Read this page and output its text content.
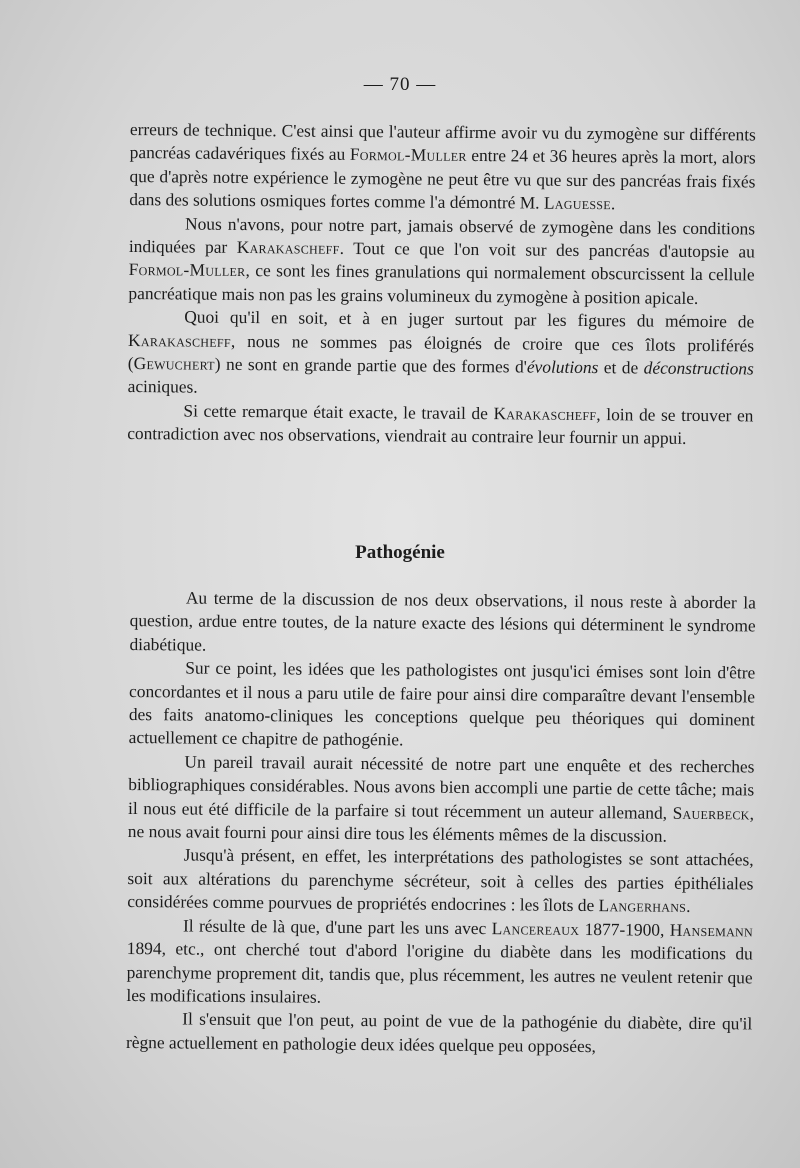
— 70 —

erreurs de technique. C'est ainsi que l'auteur affirme avoir vu du zymogène sur différents pancréas cadavériques fixés au Formol-Muller entre 24 et 36 heures après la mort, alors que d'après notre expérience le zymogène ne peut être vu que sur des pancréas frais fixés dans des solutions osmiques fortes comme l'a démontré M. Laguesse.

Nous n'avons, pour notre part, jamais observé de zymogène dans les conditions indiquées par Karakascheff. Tout ce que l'on voit sur des pancréas d'autopsie au Formol-Muller, ce sont les fines granulations qui normalement obscurcissent la cellule pancréatique mais non pas les grains volumineux du zymogène à position apicale.

Quoi qu'il en soit, et à en juger surtout par les figures du mémoire de Karakascheff, nous ne sommes pas éloignés de croire que ces îlots proliférés (Gewuchert) ne sont en grande partie que des formes d'évolutions et de déconstructions aciniques.

Si cette remarque était exacte, le travail de Karakascheff, loin de se trouver en contradiction avec nos observations, viendrait au contraire leur fournir un appui.

Pathogénie

Au terme de la discussion de nos deux observations, il nous reste à aborder la question, ardue entre toutes, de la nature exacte des lésions qui déterminent le syndrome diabétique.

Sur ce point, les idées que les pathologistes ont jusqu'ici émises sont loin d'être concordantes et il nous a paru utile de faire pour ainsi dire comparaître devant l'ensemble des faits anatomo-cliniques les conceptions quelque peu théoriques qui dominent actuellement ce chapitre de pathogénie.

Un pareil travail aurait nécessité de notre part une enquête et des recherches bibliographiques considérables. Nous avons bien accompli une partie de cette tâche; mais il nous eut été difficile de la parfaire si tout récemment un auteur allemand, Sauerbeck, ne nous avait fourni pour ainsi dire tous les éléments mêmes de la discussion.

Jusqu'à présent, en effet, les interprétations des pathologistes se sont attachées, soit aux altérations du parenchyme sécréteur, soit à celles des parties épithéliales considérées comme pourvues de propriétés endocrines : les îlots de Langerhans.

Il résulte de là que, d'une part les uns avec Lancereaux 1877-1900, Hansemann 1894, etc., ont cherché tout d'abord l'origine du diabète dans les modifications du parenchyme proprement dit, tandis que, plus récemment, les autres ne veulent retenir que les modifications insulaires.

Il s'ensuit que l'on peut, au point de vue de la pathogénie du diabète, dire qu'il règne actuellement en pathologie deux idées quelque peu opposées,
